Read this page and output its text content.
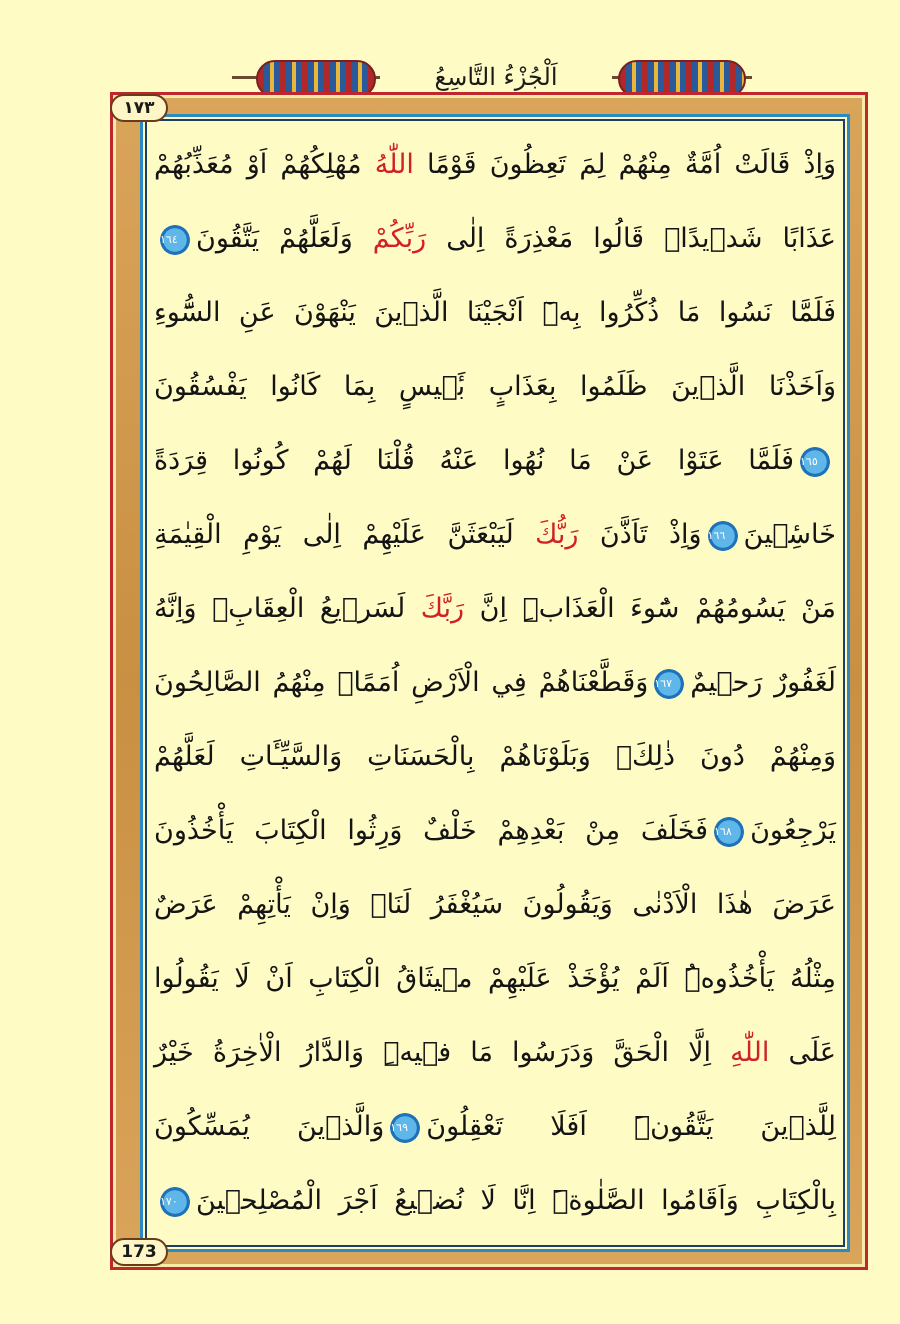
اَلْجُزْءُ التَّاسِعُ
١٧٣
173
وَاِذْ قَالَتْ اُمَّةٌ مِنْهُمْ لِمَ تَعِظُونَ قَوْمًا اللّٰهُ مُهْلِكُهُمْ اَوْ مُعَذِّبُهُمْ
عَذَابًا شَد۪يدًاۜ قَالُوا مَعْذِرَةً اِلٰى رَبِّكُمْ وَلَعَلَّهُمْ يَتَّقُونَ١٦٤
فَلَمَّا نَسُوا مَا ذُكِّرُوا بِه۪ٓ اَنْجَيْنَا الَّذ۪ينَ يَنْهَوْنَ عَنِ السُّٓوءِ
وَاَخَذْنَا الَّذ۪ينَ ظَلَمُوا بِعَذَابٍ بَ۪ٔيسٍ بِمَا كَانُوا يَفْسُقُونَ
١٦٥فَلَمَّا عَتَوْا عَنْ مَا نُهُوا عَنْهُ قُلْنَا لَهُمْ كُونُوا قِرَدَةً
خَاسِ۪ٔينَ١٦٦وَاِذْ تَاَذَّنَ رَبُّكَ لَيَبْعَثَنَّ عَلَيْهِمْ اِلٰى يَوْمِ الْقِيٰمَةِ
مَنْ يَسُومُهُمْ سُٓوءَ الْعَذَابِۜ اِنَّ رَبَّكَ لَسَر۪يعُ الْعِقَابِۚ وَاِنَّهُ
لَغَفُورٌ رَح۪يمٌ١٦٧وَقَطَّعْنَاهُمْ فِي الْاَرْضِ اُمَمًاۚ مِنْهُمُ الصَّالِحُونَ
وَمِنْهُمْ دُونَ ذٰلِكَۘ وَبَلَوْنَاهُمْ بِالْحَسَنَاتِ وَالسَّيِّـَٔاتِ لَعَلَّهُمْ
يَرْجِعُونَ١٦٨فَخَلَفَ مِنْ بَعْدِهِمْ خَلْفٌ وَرِثُوا الْكِتَابَ يَأْخُذُونَ
عَرَضَ هٰذَا الْاَدْنٰى وَيَقُولُونَ سَيُغْفَرُ لَنَاۚ وَاِنْ يَأْتِهِمْ عَرَضٌ
مِثْلُهُ يَأْخُذُوهُۜ اَلَمْ يُؤْخَذْ عَلَيْهِمْ م۪يثَاقُ الْكِتَابِ اَنْ لَا يَقُولُوا
عَلَى اللّٰهِ اِلَّا الْحَقَّ وَدَرَسُوا مَا ف۪يهِۜ وَالدَّارُ الْاٰخِرَةُ خَيْرٌ
لِلَّذ۪ينَ يَتَّقُونَۜ اَفَلَا تَعْقِلُونَ١٦٩وَالَّذ۪ينَ يُمَسِّكُونَ
بِالْكِتَابِ وَاَقَامُوا الصَّلٰوةَۜ اِنَّا لَا نُض۪يعُ اَجْرَ الْمُصْلِح۪ينَ١٧٠
